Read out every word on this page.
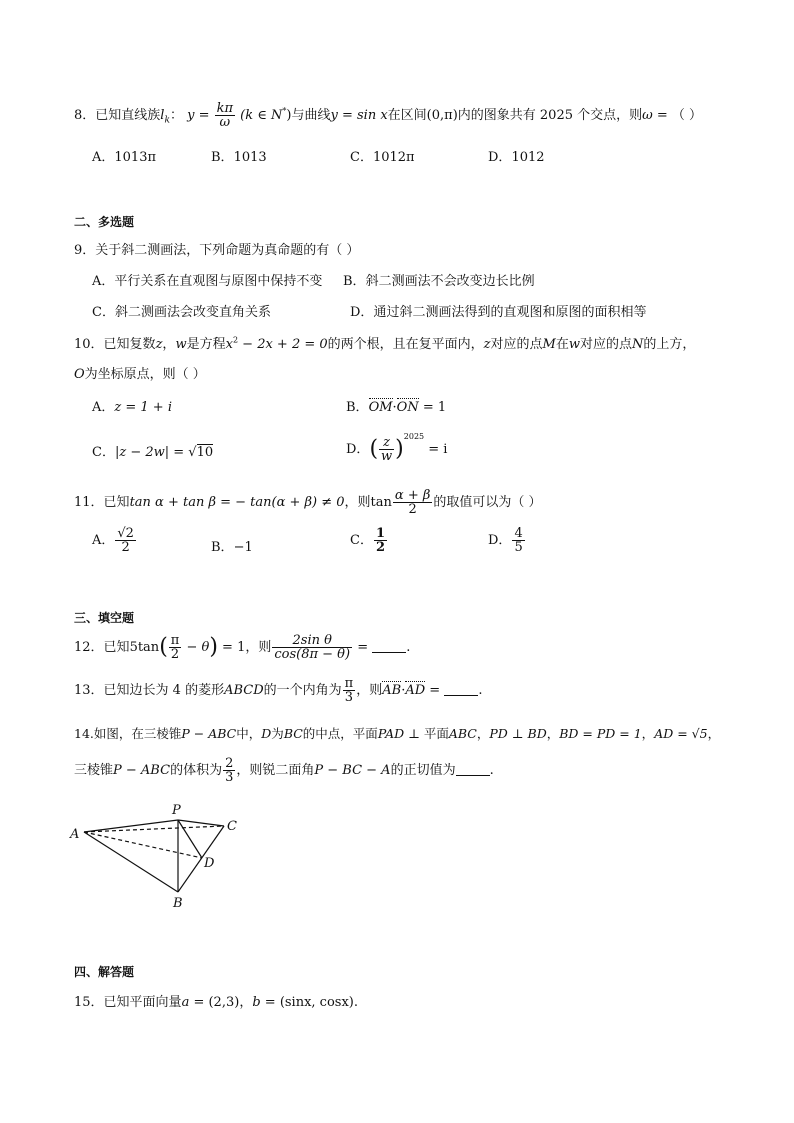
8．已知直线族$l_k$： $y = \frac{k\pi}{\omega} (k$ ∈ N*)与曲线y = sin x在区间(0,π)内的图象共有 2025 个交点，则ω = （ ）
A．1013π	B．1013	C．1012π	D．1012
二、多选题
9．关于斜二测画法，下列命题为真命题的有（ ）
A．平行关系在直观图与原图中保持不变 B．斜二测画法不会改变边长比例
C．斜二测画法会改变直角关系	D．通过斜二测画法得到的直观图和原图的面积相等
10．已知复数z，w是方程$x^2 - 2x + 2 = 0$的两个根，且在复平面内，z对应的点M在w对应的点N的上方，
O为坐标原点，则（ ）
A．z = 1 + i	B．OM·ON = 1
C．|z − 2w| = √10	D．( $\frac{z}{w} )^{2025} = i$
11．已知tan α + tan β = − tan(α + β) ≠ 0，则$\tan \frac{\alpha + \beta}{2}$ 的取值可以为（ ）
A． $\frac{√2}{2}$	B．−1	C． $\frac{1}{2}$	D． $\frac{4}{5}$
三、填空题
12．已知$5\tan( \frac{\pi}{2} - \theta) = 1$，则 $\frac{\text{2sin θ}}{\cos(8\pi - \theta)}$ =	.
13．已知边长为 4 的菱形ABCD的一个内角为 $\frac{\pi}{3}$ ，则AB·AD =	.
14.如图，在三棱锥P − ABC中，D为BC的中点，平面PAD ⊥ 平面ABC，PD ⊥ BD，BD = PD = 1，AD = √5，
三棱锥P − ABC的体积为 $\frac{2}{3}$ ，则锐二面角P − BC − A的正切值为	.
A
P
C
D
B
四、解答题
15．已知平面向量a = (2,3)，b = (sinx, cosx).
